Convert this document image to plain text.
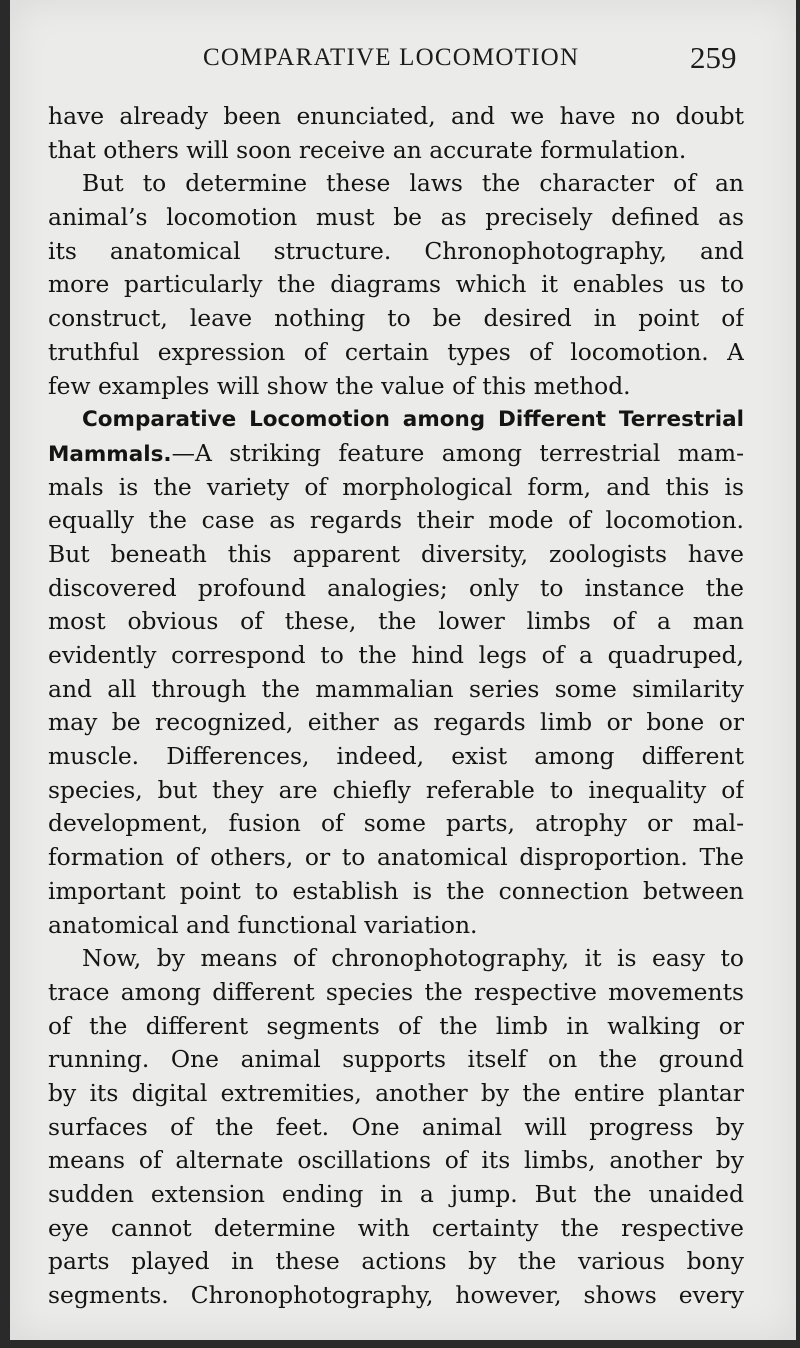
COMPARATIVE LOCOMOTION	259
have already been enunciated, and we have no doubt
that others will soon receive an accurate formulation.
But to determine these laws the character of an
animal’s locomotion must be as precisely defined as
its anatomical structure. Chronophotography, and
more particularly the diagrams which it enables us to
construct, leave nothing to be desired in point of
truthful expression of certain types of locomotion. A
few examples will show the value of this method.
Comparative Locomotion among Different Terrestrial
Mammals.—A striking feature among terrestrial mam-
mals is the variety of morphological form, and this is
equally the case as regards their mode of locomotion.
But beneath this apparent diversity, zoologists have
discovered profound analogies; only to instance the
most obvious of these, the lower limbs of a man
evidently correspond to the hind legs of a quadruped,
and all through the mammalian series some similarity
may be recognized, either as regards limb or bone or
muscle. Differences, indeed, exist among different
species, but they are chiefly referable to inequality of
development, fusion of some parts, atrophy or mal-
formation of others, or to anatomical disproportion. The
important point to establish is the connection between
anatomical and functional variation.
Now, by means of chronophotography, it is easy to
trace among different species the respective movements
of the different segments of the limb in walking or
running. One animal supports itself on the ground
by its digital extremities, another by the entire plantar
surfaces of the feet. One animal will progress by
means of alternate oscillations of its limbs, another by
sudden extension ending in a jump. But the unaided
eye cannot determine with certainty the respective
parts played in these actions by the various bony
segments. Chronophotography, however, shows every
